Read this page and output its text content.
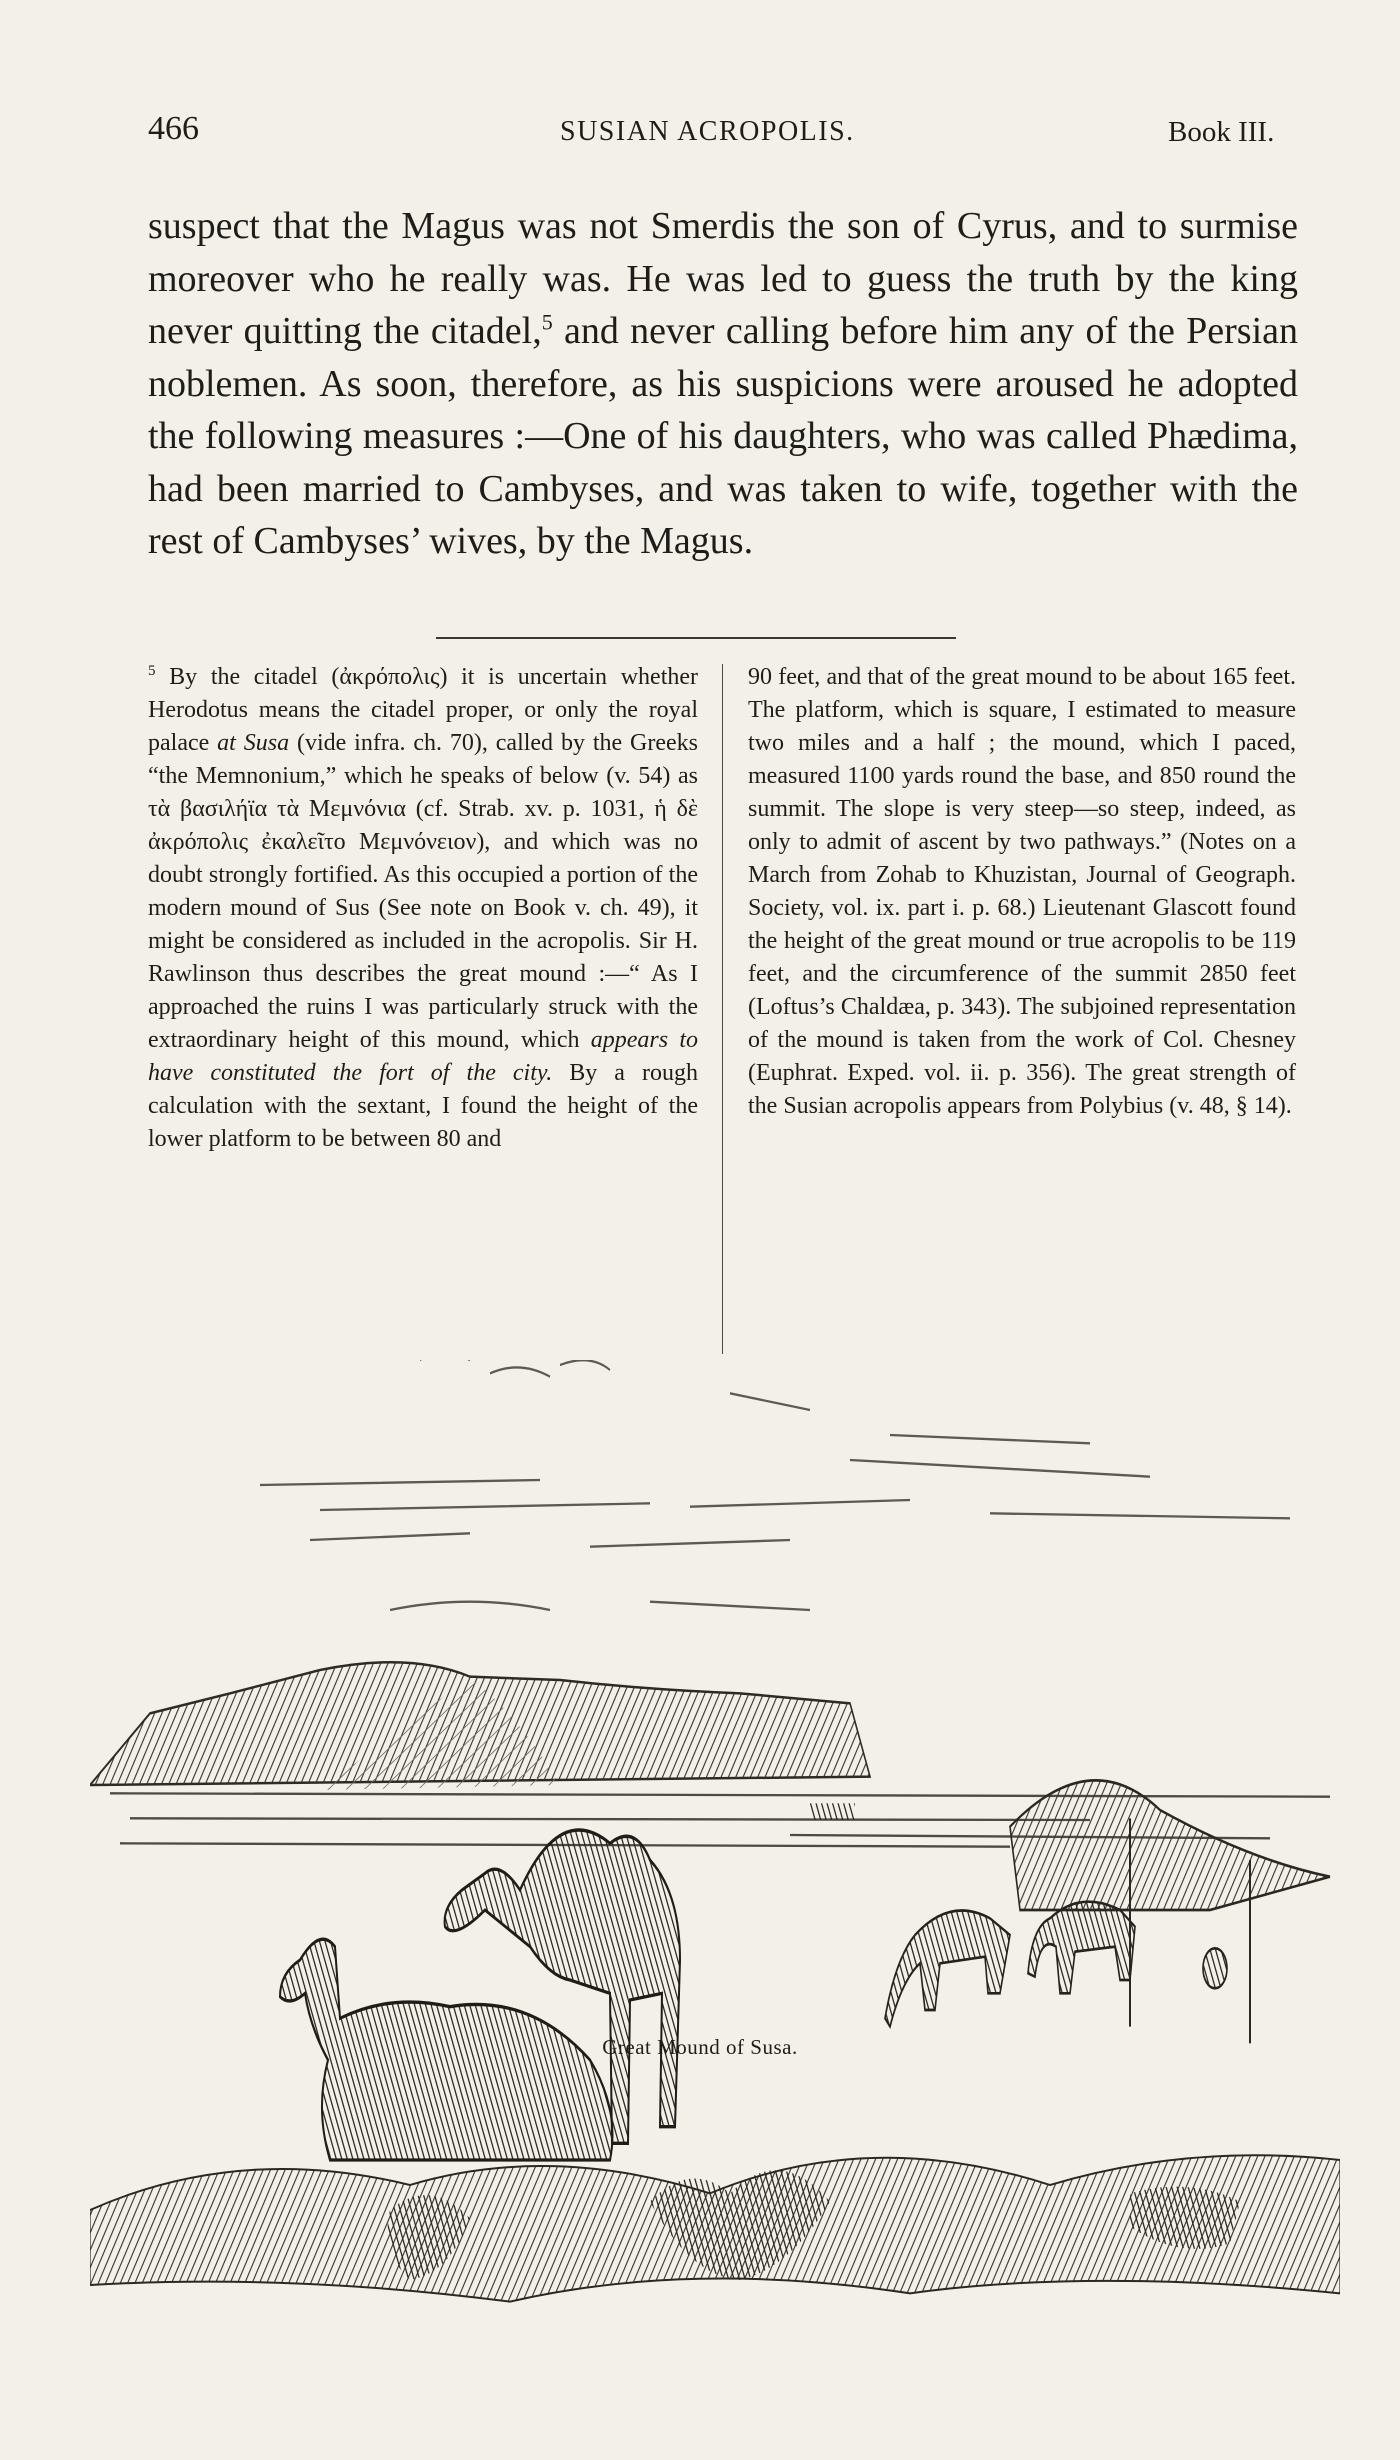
466	SUSIAN ACROPOLIS.	Book III.

suspect that the Magus was not Smerdis the son of Cyrus, and to surmise moreover who he really was. He was led to guess the truth by the king never quitting the citadel,$^5$ and never calling before him any of the Persian noblemen. As soon, therefore, as his suspicions were aroused he adopted the following measures :—One of his daughters, who was called Phædima, had been married to Cambyses, and was taken to wife, together with the rest of Cambyses’ wives, by the Magus.

$^5$ By the citadel (ἀκρόπολις) it is uncertain whether Herodotus means the citadel proper, or only the royal palace at Susa (vide infra. ch. 70), called by the Greeks “the Memnonium,” which he speaks of below (v. 54) as τὰ βασιλήϊα τὰ Μεμνόνια (cf. Strab. xv. p. 1031, ἡ δὲ ἀκρόπολις ἐκαλεῖτο Μεμνόνειον), and which was no doubt strongly fortified. As this occupied a portion of the modern mound of Sus (See note on Book v. ch. 49), it might be considered as included in the acropolis. Sir H. Rawlinson thus describes the great mound :—“ As I approached the ruins I was particularly struck with the extraordinary height of this mound, which appears to have constituted the fort of the city. By a rough calculation with the sextant, I found the height of the lower platform to be between 80 and

90 feet, and that of the great mound to be about 165 feet. The platform, which is square, I estimated to measure two miles and a half ; the mound, which I paced, measured 1100 yards round the base, and 850 round the summit. The slope is very steep—so steep, indeed, as only to admit of ascent by two pathways.” (Notes on a March from Zohab to Khuzistan, Journal of Geograph. Society, vol. ix. part i. p. 68.) Lieutenant Glascott found the height of the great mound or true acropolis to be 119 feet, and the circumference of the summit 2850 feet (Loftus’s Chaldæa, p. 343). The subjoined representation of the mound is taken from the work of Col. Chesney (Euphrat. Exped. vol. ii. p. 356). The great strength of the Susian acropolis appears from Polybius (v. 48, § 14).

Great Mound of Susa.
